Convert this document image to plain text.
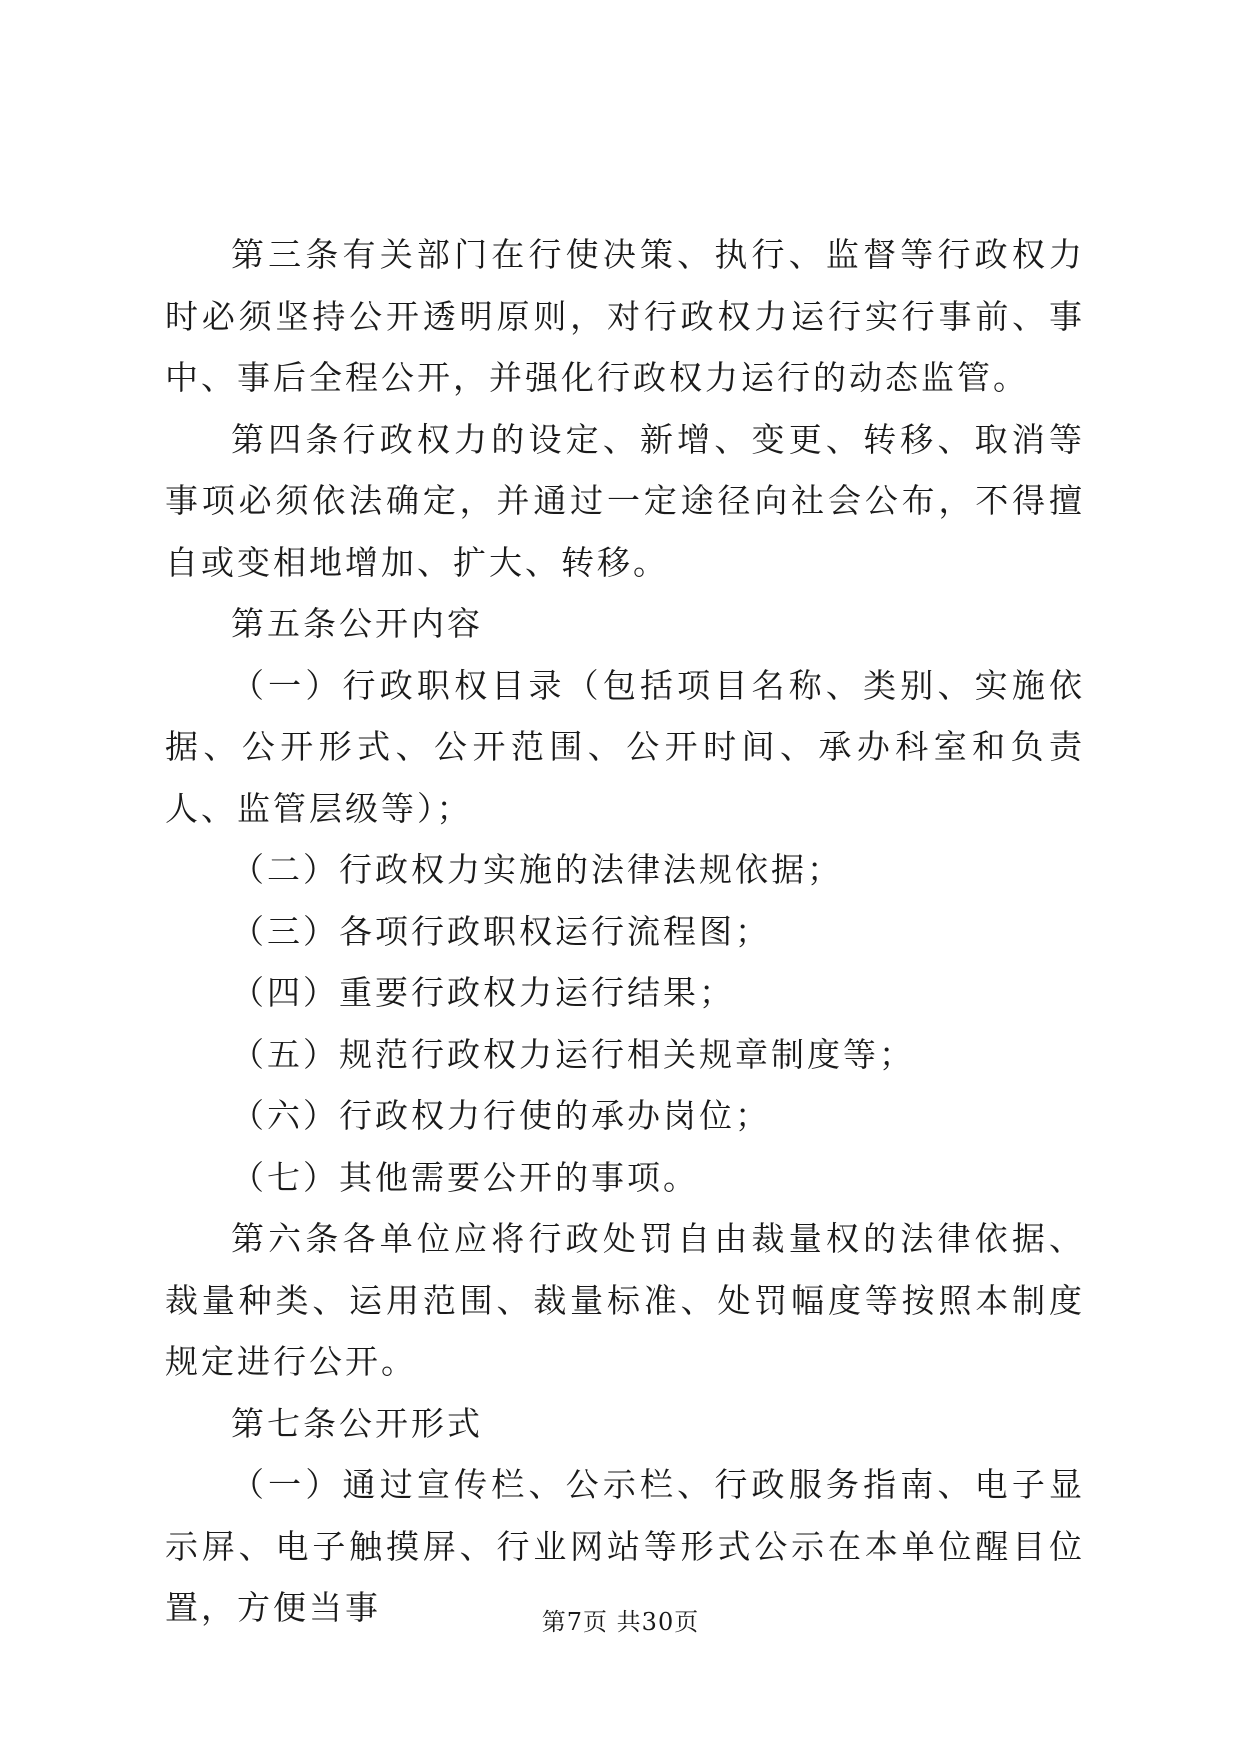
第三条有关部门在行使决策、执行、监督等行政权力时必须坚持公开透明原则，对行政权力运行实行事前、事中、事后全程公开，并强化行政权力运行的动态监管。

第四条行政权力的设定、新增、变更、转移、取消等事项必须依法确定，并通过一定途径向社会公布，不得擅自或变相地增加、扩大、转移。

第五条公开内容

（一）行政职权目录（包括项目名称、类别、实施依据、公开形式、公开范围、公开时间、承办科室和负责人、监管层级等）；

（二）行政权力实施的法律法规依据；

（三）各项行政职权运行流程图；

（四）重要行政权力运行结果；

（五）规范行政权力运行相关规章制度等；

（六）行政权力行使的承办岗位；

（七）其他需要公开的事项。

第六条各单位应将行政处罚自由裁量权的法律依据、裁量种类、运用范围、裁量标准、处罚幅度等按照本制度规定进行公开。

第七条公开形式

（一）通过宣传栏、公示栏、行政服务指南、电子显示屏、电子触摸屏、行业网站等形式公示在本单位醒目位置，方便当事	第7页 共30页
